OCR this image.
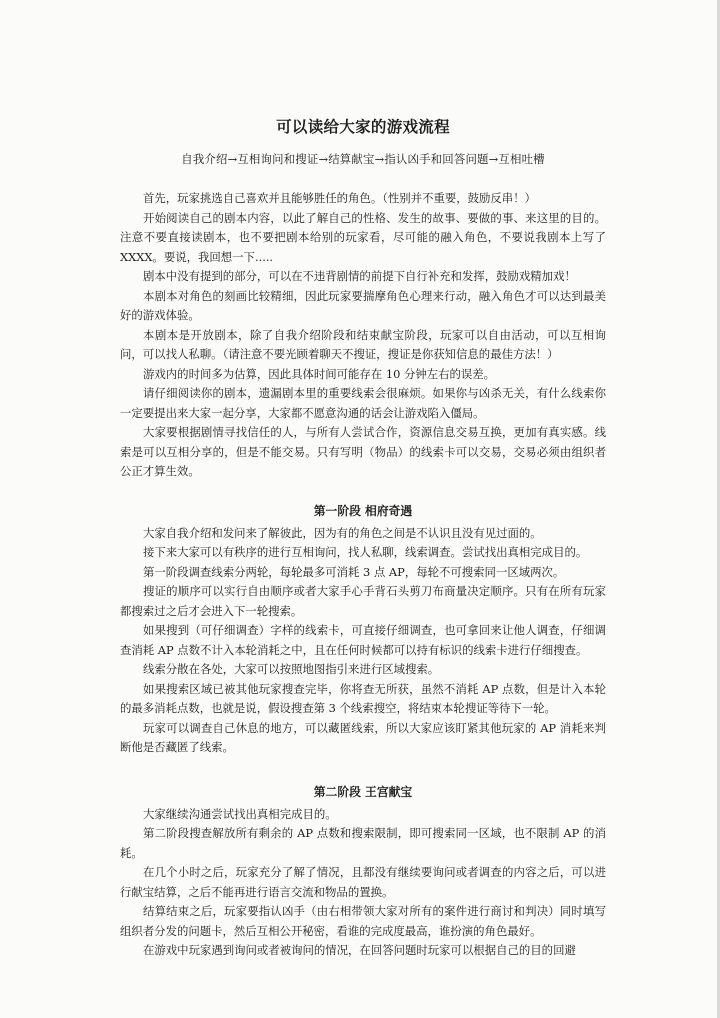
可以读给大家的游戏流程
自我介绍→互相询问和搜证→结算献宝→指认凶手和回答问题→互相吐槽

首先，玩家挑选自己喜欢并且能够胜任的角色。（性别并不重要，鼓励反串！）

开始阅读自己的剧本内容，以此了解自己的性格、发生的故事、要做的事、来这里的目的。注意不要直接读剧本，也不要把剧本给别的玩家看，尽可能的融入角色，不要说我剧本上写了 XXXX。要说，我回想一下.....

剧本中没有提到的部分，可以在不违背剧情的前提下自行补充和发挥，鼓励戏精加戏！

本剧本对角色的刻画比较精细，因此玩家要揣摩角色心理来行动，融入角色才可以达到最美好的游戏体验。

本剧本是开放剧本，除了自我介绍阶段和结束献宝阶段，玩家可以自由活动，可以互相询问，可以找人私聊。（请注意不要光顾着聊天不搜证，搜证是你获知信息的最佳方法！）

游戏内的时间多为估算，因此具体时间可能存在 10 分钟左右的误差。

请仔细阅读你的剧本，遗漏剧本里的重要线索会很麻烦。如果你与凶杀无关，有什么线索你一定要提出来大家一起分享，大家都不愿意沟通的话会让游戏陷入僵局。

大家要根据剧情寻找信任的人，与所有人尝试合作，资源信息交易互换，更加有真实感。线索是可以互相分享的，但是不能交易。只有写明（物品）的线索卡可以交易，交易必须由组织者公正才算生效。

第一阶段 相府奇遇

大家自我介绍和发问来了解彼此，因为有的角色之间是不认识且没有见过面的。

接下来大家可以有秩序的进行互相询问，找人私聊，线索调查。尝试找出真相完成目的。

第一阶段调查线索分两轮，每轮最多可消耗 3 点 AP，每轮不可搜索同一区域两次。

搜证的顺序可以实行自由顺序或者大家手心手背石头剪刀布商量决定顺序。只有在所有玩家都搜索过之后才会进入下一轮搜索。

如果搜到（可仔细调查）字样的线索卡，可直接仔细调查，也可拿回来让他人调查，仔细调查消耗 AP 点数不计入本轮消耗之中，且在任何时候都可以持有标识的线索卡进行仔细搜查。

线索分散在各处，大家可以按照地图指引来进行区域搜索。

如果搜索区域已被其他玩家搜查完毕，你将查无所获，虽然不消耗 AP 点数，但是计入本轮的最多消耗点数，也就是说，假设搜查第 3 个线索搜空，将结束本轮搜证等待下一轮。

玩家可以调查自己休息的地方，可以藏匿线索，所以大家应该盯紧其他玩家的 AP 消耗来判断他是否藏匿了线索。

第二阶段 王宫献宝

大家继续沟通尝试找出真相完成目的。

第二阶段搜查解放所有剩余的 AP 点数和搜索限制，即可搜索同一区域，也不限制 AP 的消耗。

在几个小时之后，玩家充分了解了情况，且都没有继续要询问或者调查的内容之后，可以进行献宝结算，之后不能再进行语言交流和物品的置换。

结算结束之后，玩家要指认凶手（由右相带领大家对所有的案件进行商讨和判决）同时填写组织者分发的问题卡，然后互相公开秘密，看谁的完成度最高，谁扮演的角色最好。

在游戏中玩家遇到询问或者被询问的情况，在回答问题时玩家可以根据自己的目的回避
